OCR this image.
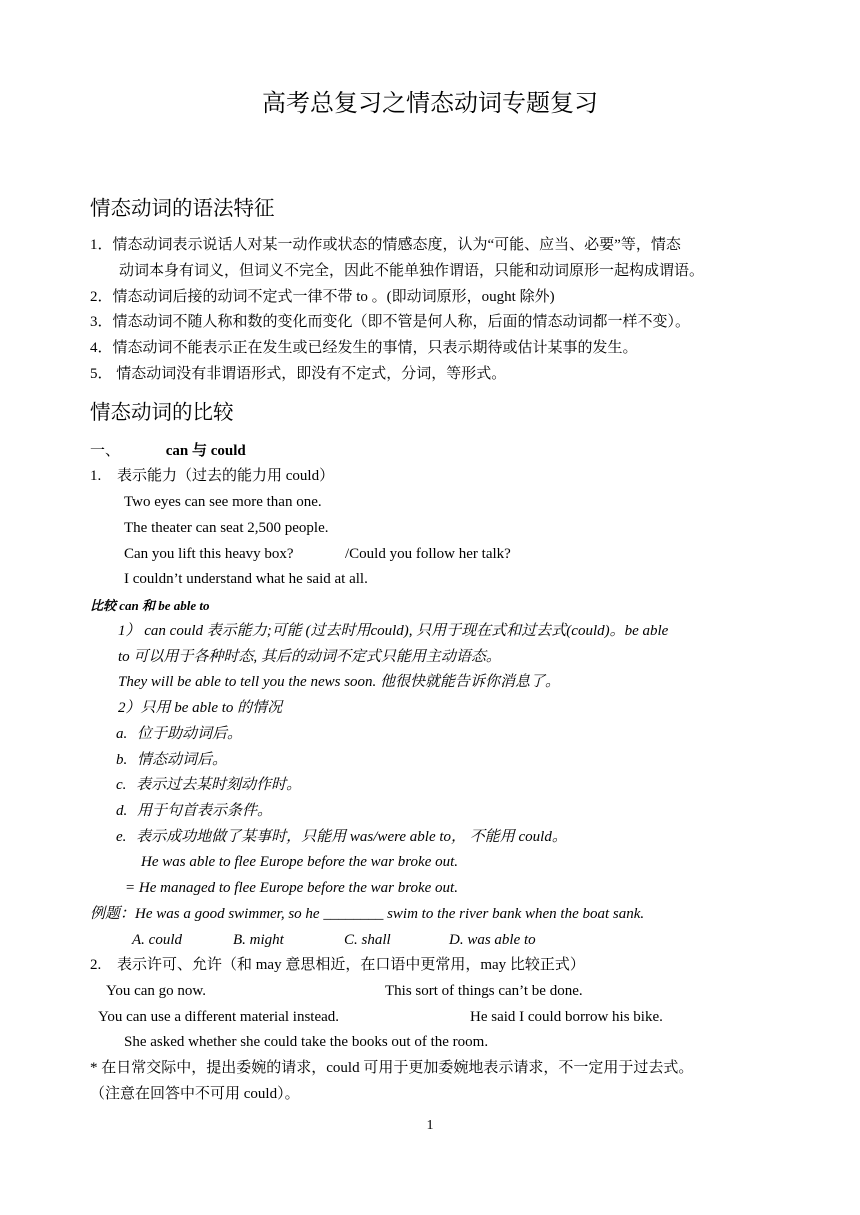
高考总复习之情态动词专题复习
情态动词的语法特征
1．情态动词表示说话人对某一动作或状态的情感态度，认为“可能、应当、必要”等，情态
动词本身有词义，但词义不完全，因此不能单独作谓语，只能和动词原形一起构成谓语。
2．情态动词后接的动词不定式一律不带 to 。(即动词原形，ought 除外)
3．情态动词不随人称和数的变化而变化（即不管是何人称，后面的情态动词都一样不变）。
4．情态动词不能表示正在发生或已经发生的事情，只表示期待或估计某事的发生。
5． 情态动词没有非谓语形式，即没有不定式，分词，等形式。
情态动词的比较
一、	can 与 could
1. 表示能力（过去的能力用 could）
Two eyes can see more than one.
The theater can seat 2,500 people.
Can you lift this heavy box?	/Could you follow her talk?
I couldn’t understand what he said at all.
比较 can 和 be able to
1） can could 表示能力;可能 (过去时用could), 只用于现在式和过去式(could)。be able
to 可以用于各种时态, 其后的动词不定式只能用主动语态。
They will be able to tell you the news soon. 他很快就能告诉你消息了。
2）只用 be able to 的情况
a. 位于助动词后。
b. 情态动词后。
c. 表示过去某时刻动作时。
d. 用于句首表示条件。
e. 表示成功地做了某事时，只能用 was/were able to， 不能用 could。
He was able to flee Europe before the war broke out.
= He managed to flee Europe before the war broke out.
例题：He was a good swimmer, so he ________ swim to the river bank when the boat sank.
A. could	B. might	C. shall	D. was able to
2. 表示许可、允许（和 may 意思相近，在口语中更常用，may 比较正式）
You can go now.	This sort of things can’t be done.
You can use a different material instead.	He said I could borrow his bike.
She asked whether she could take the books out of the room.
* 在日常交际中，提出委婉的请求，could 可用于更加委婉地表示请求，不一定用于过去式。
（注意在回答中不可用 could）。
1
